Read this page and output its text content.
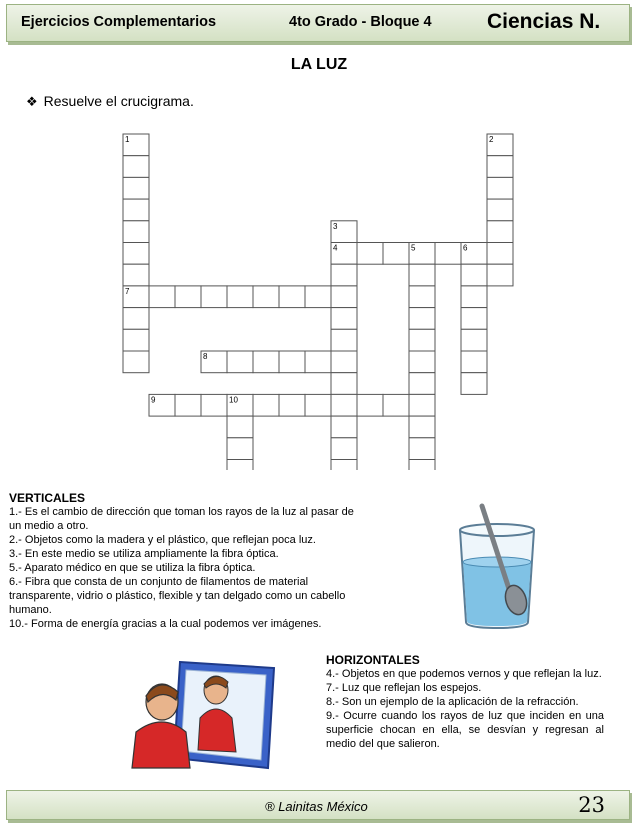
Ejercicios Complementarios	4to Grado - Bloque 4	Ciencias N.
LA LUZ
❖ Resuelve el crucigrama.
1	2
3
4	5	6
7
8
9	10
VERTICALES
1.- Es el cambio de dirección que toman los rayos de la luz al pasar de un medio a otro.
2.- Objetos como la madera y el plástico, que reflejan poca luz.
3.- En este medio se utiliza ampliamente la fibra óptica.
5.- Aparato médico en que se utiliza la fibra óptica.
6.- Fibra que consta de un conjunto de filamentos de material transparente, vidrio o plástico, flexible y tan delgado como un cabello humano.
10.- Forma de energía gracias a la cual podemos ver imágenes.
HORIZONTALES
4.- Objetos en que podemos vernos y que reflejan la luz.
7.- Luz que reflejan los espejos.
8.- Son un ejemplo de la aplicación de la refracción.
9.- Ocurre cuando los rayos de luz que inciden en una superficie chocan en ella, se desvían y regresan al medio del que salieron.
® Lainitas México	23
